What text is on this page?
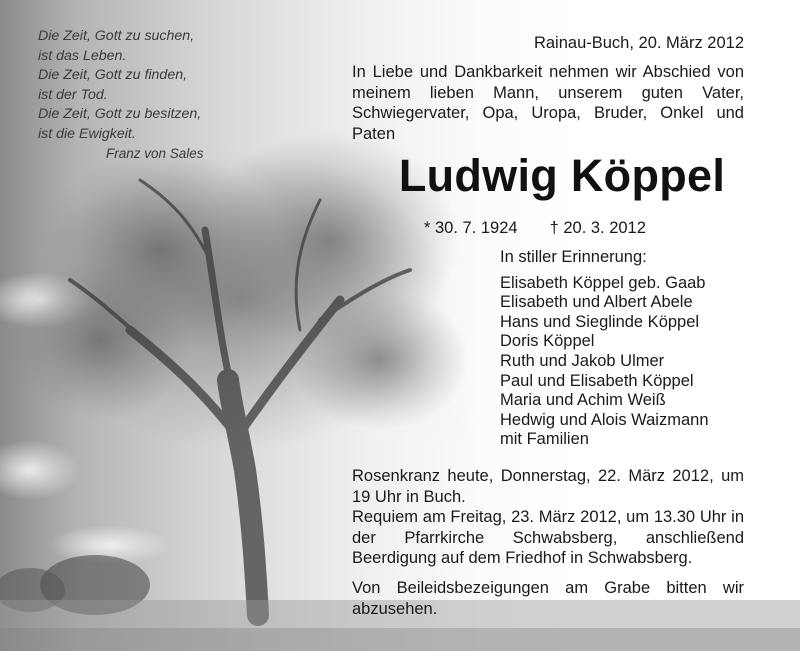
Die Zeit, Gott zu suchen,
ist das Leben.
Die Zeit, Gott zu finden,
ist der Tod.
Die Zeit, Gott zu besitzen,
ist die Ewigkeit.
Franz von Sales
Rainau-Buch, 20. März 2012

In Liebe und Dankbarkeit nehmen wir Abschied von meinem lieben Mann, unserem guten Vater, Schwiegervater, Opa, Uropa, Bruder, Onkel und Paten

Ludwig Köppel
* 30. 7. 1924 † 20. 3. 2012
In stiller Erinnerung:
Elisabeth Köppel geb. Gaab
Elisabeth und Albert Abele
Hans und Sieglinde Köppel
Doris Köppel
Ruth und Jakob Ulmer
Paul und Elisabeth Köppel
Maria und Achim Weiß
Hedwig und Alois Waizmann
mit Familien

Rosenkranz heute, Donnerstag, 22. März 2012, um 19 Uhr in Buch.

Requiem am Freitag, 23. März 2012, um 13.30 Uhr in der Pfarrkirche Schwabsberg, anschließend Beerdigung auf dem Friedhof in Schwabsberg.

Von Beileidsbezeigungen am Grabe bitten wir abzusehen.
